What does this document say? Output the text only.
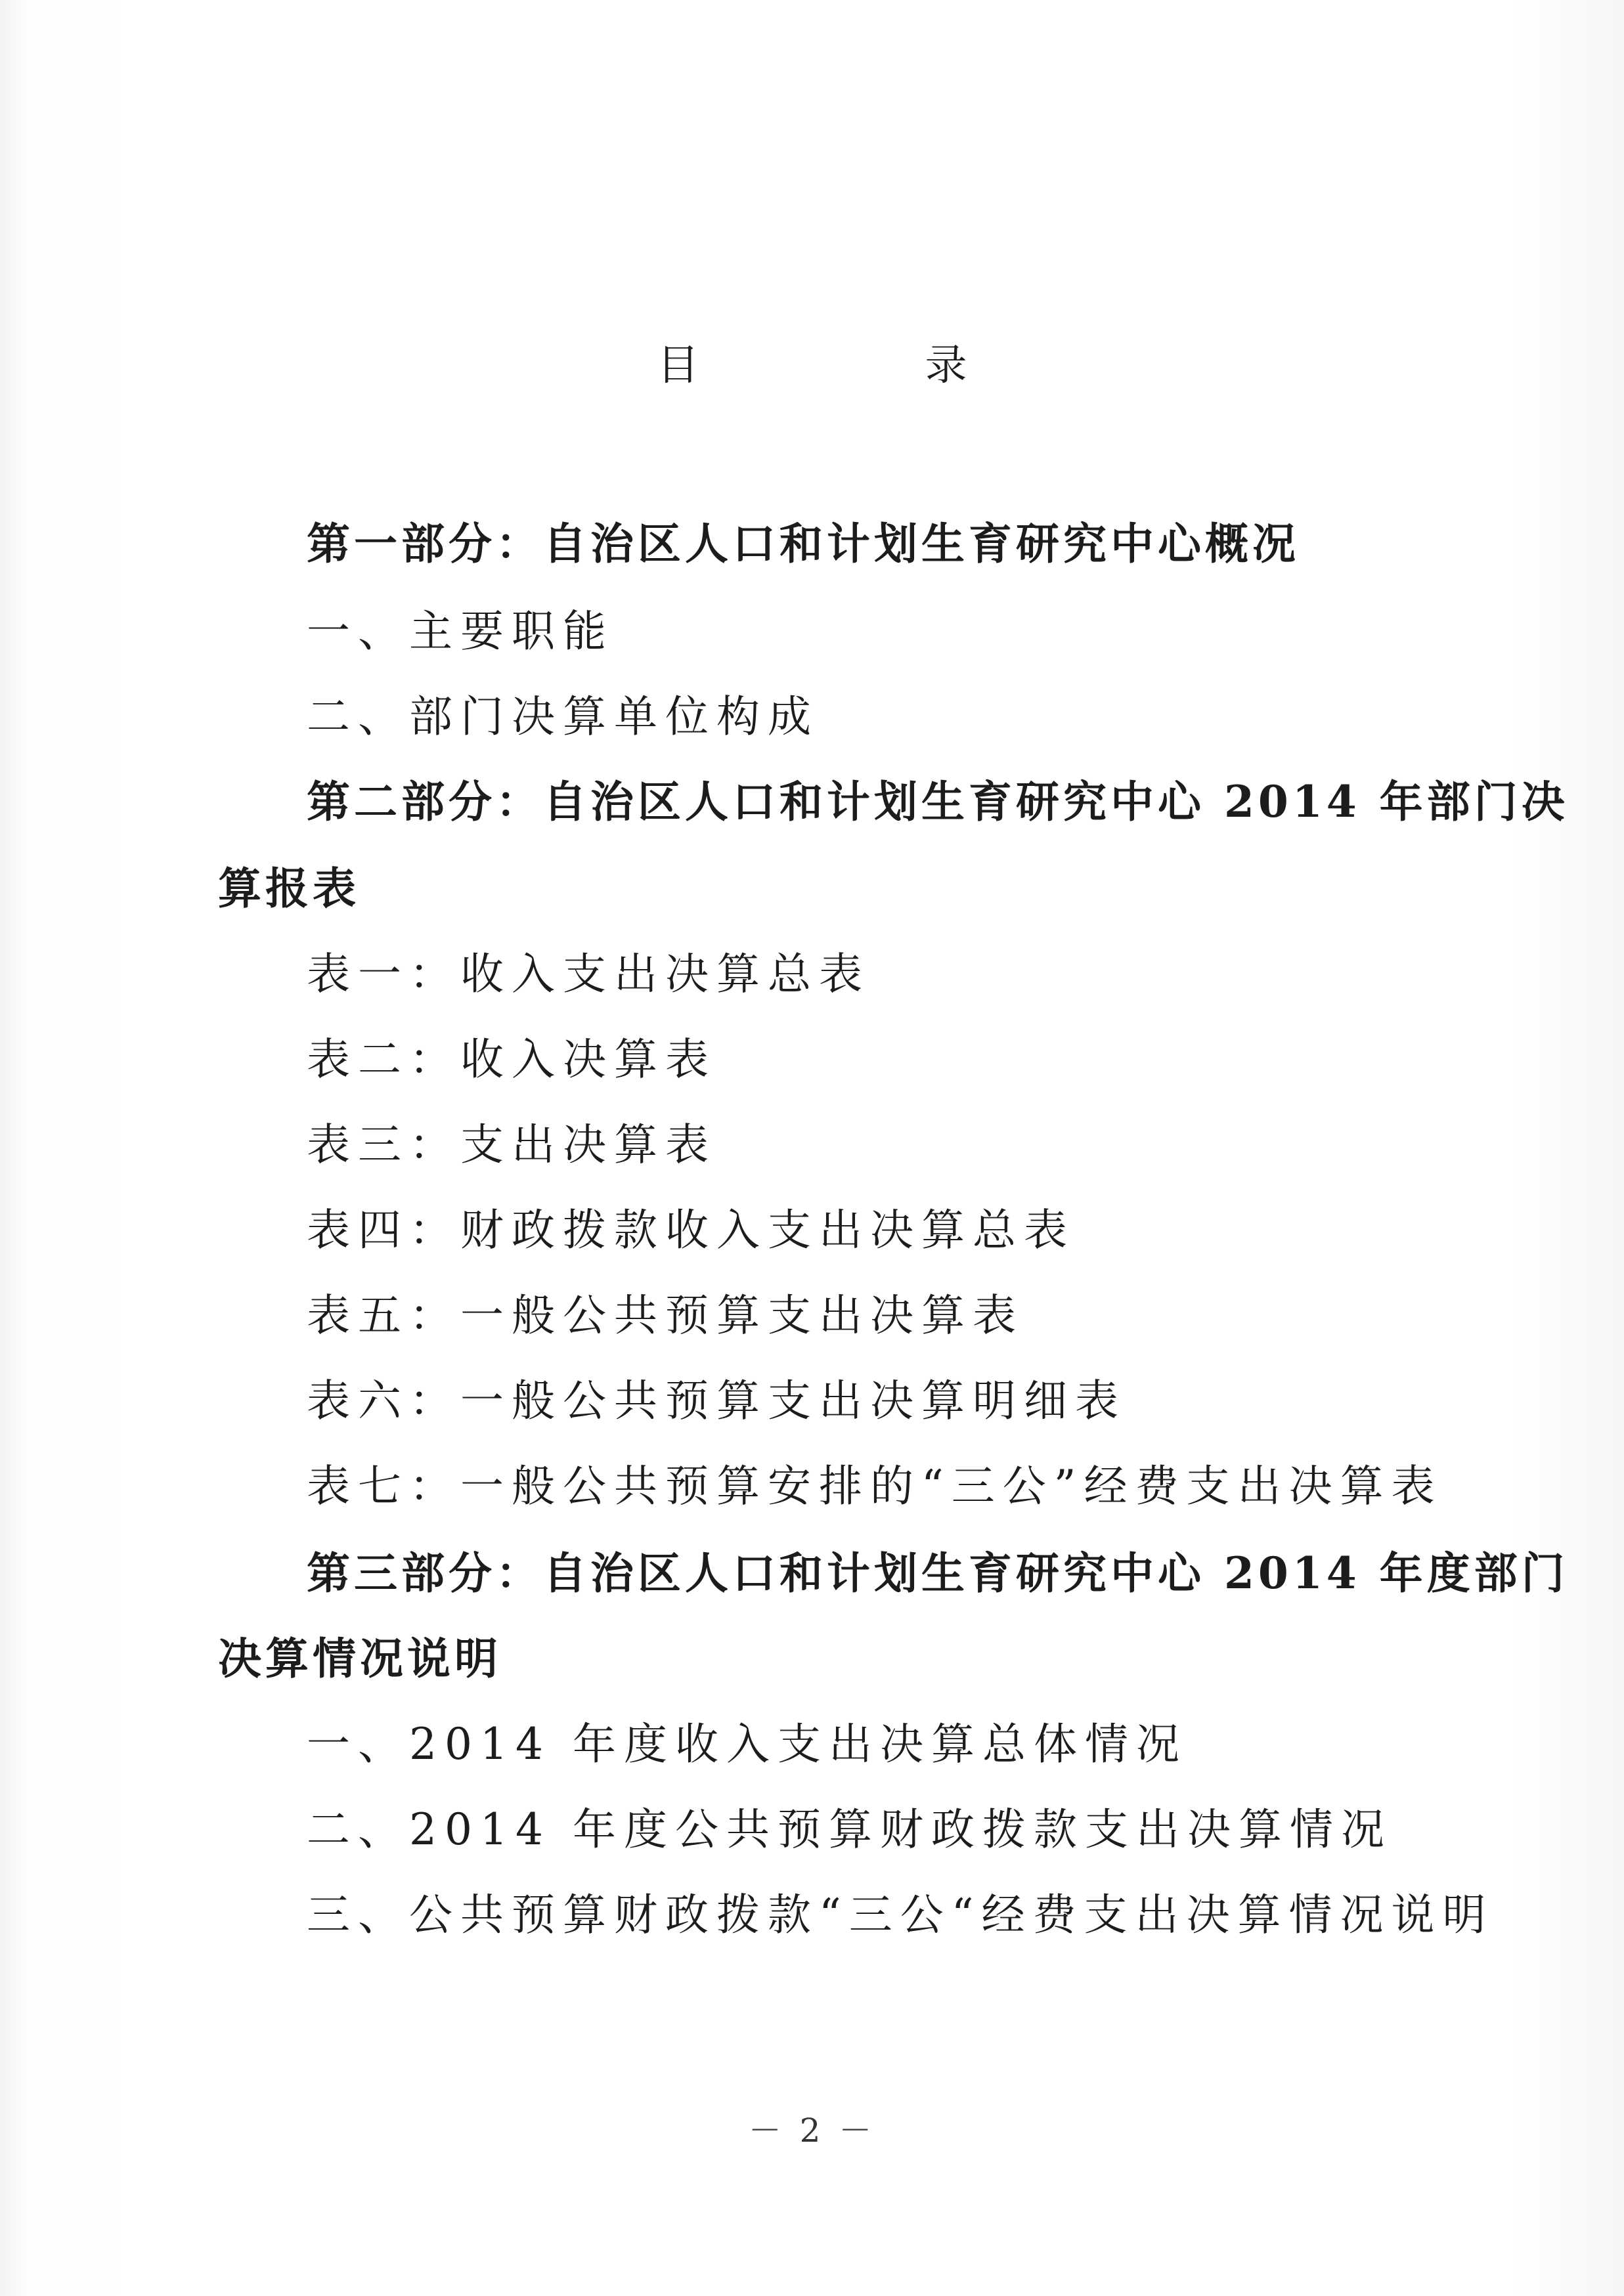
目　录
第一部分：自治区人口和计划生育研究中心概况
一、主要职能
二、部门决算单位构成
第二部分：自治区人口和计划生育研究中心 2014 年部门决
算报表
表一：收入支出决算总表
表二：收入决算表
表三：支出决算表
表四：财政拨款收入支出决算总表
表五：一般公共预算支出决算表
表六：一般公共预算支出决算明细表
表七：一般公共预算安排的“三公”经费支出决算表
第三部分：自治区人口和计划生育研究中心 2014 年度部门
决算情况说明
一、2014 年度收入支出决算总体情况
二、2014 年度公共预算财政拨款支出决算情况
三、公共预算财政拨款“三公“经费支出决算情况说明
－ 2 －
